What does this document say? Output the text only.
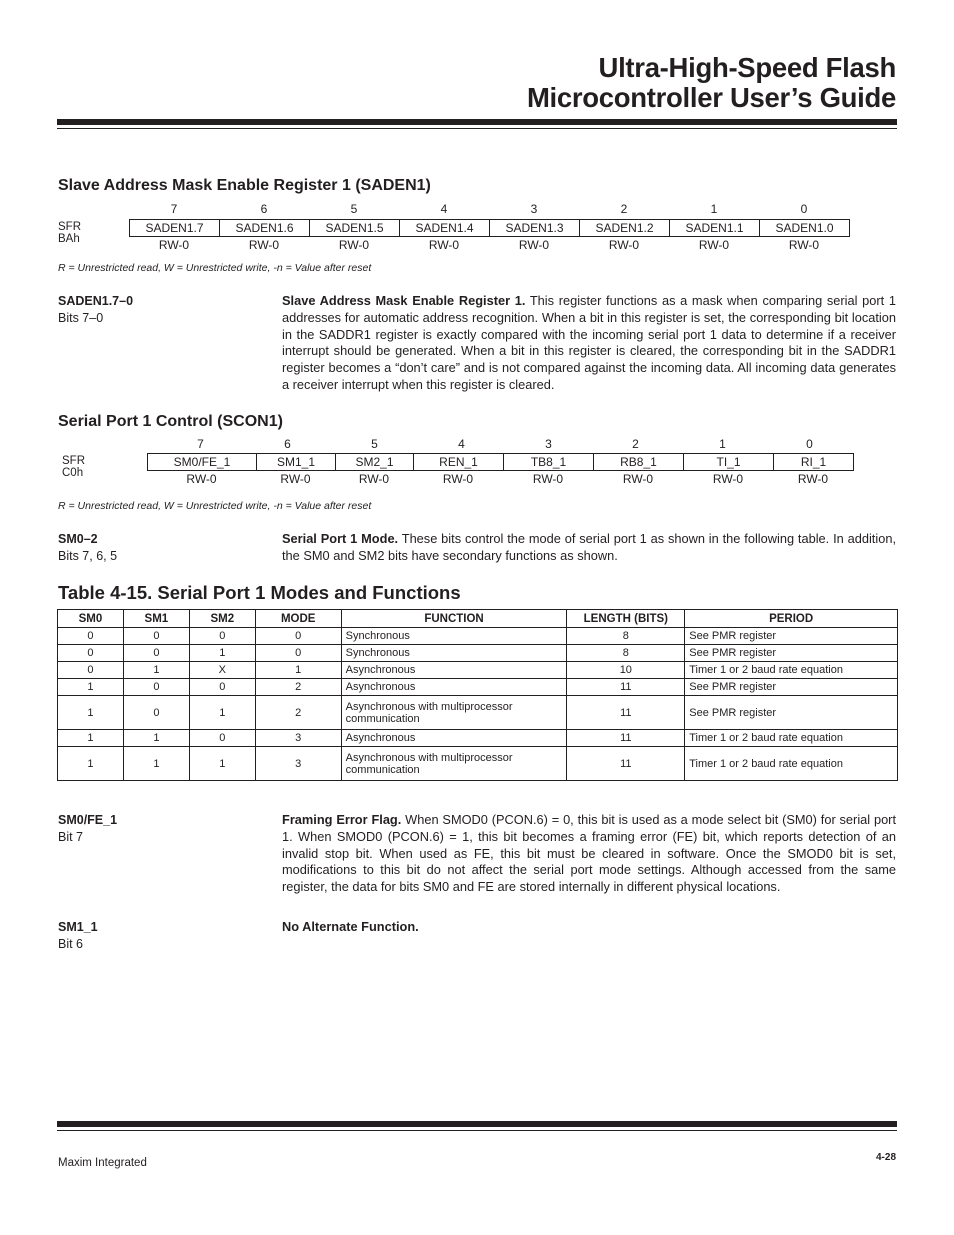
Ultra-High-Speed Flash
Microcontroller User’s Guide
Slave Address Mask Enable Register 1 (SADEN1)
SFR BAh
7	6	5	4	3	2	1	0
SADEN1.7	SADEN1.6	SADEN1.5	SADEN1.4	SADEN1.3	SADEN1.2	SADEN1.1	SADEN1.0
RW-0	RW-0	RW-0	RW-0	RW-0	RW-0	RW-0	RW-0
R = Unrestricted read, W = Unrestricted write, -n = Value after reset
SADEN1.7–0
Bits 7–0
Slave Address Mask Enable Register 1. This register functions as a mask when comparing serial port 1 addresses for automatic address recognition. When a bit in this register is set, the corresponding bit location in the SADDR1 register is exactly compared with the incoming serial port 1 data to determine if a receiver interrupt should be generated. When a bit in this register is cleared, the corresponding bit in the SADDR1 register becomes a “don’t care” and is not compared against the incoming data. All incoming data generates a receiver interrupt when this register is cleared.
Serial Port 1 Control (SCON1)
SFR C0h
7	6	5	4	3	2	1	0
SM0/FE_1	SM1_1	SM2_1	REN_1	TB8_1	RB8_1	TI_1	RI_1
RW-0	RW-0	RW-0	RW-0	RW-0	RW-0	RW-0	RW-0
R = Unrestricted read, W = Unrestricted write, -n = Value after reset
SM0–2
Bits 7, 6, 5
Serial Port 1 Mode. These bits control the mode of serial port 1 as shown in the following table. In addition, the SM0 and SM2 bits have secondary functions as shown.
Table 4-15. Serial Port 1 Modes and Functions
SM0	SM1	SM2	MODE	FUNCTION	LENGTH (BITS)	PERIOD
0	0	0	0	Synchronous	8	See PMR register
0	0	1	0	Synchronous	8	See PMR register
0	1	X	1	Asynchronous	10	Timer 1 or 2 baud rate equation
1	0	0	2	Asynchronous	11	See PMR register
1	0	1	2	Asynchronous with multiprocessor communication	11	See PMR register
1	1	0	3	Asynchronous	11	Timer 1 or 2 baud rate equation
1	1	1	3	Asynchronous with multiprocessor communication	11	Timer 1 or 2 baud rate equation
SM0/FE_1
Bit 7
Framing Error Flag. When SMOD0 (PCON.6) = 0, this bit is used as a mode select bit (SM0) for serial port 1. When SMOD0 (PCON.6) = 1, this bit becomes a framing error (FE) bit, which reports detection of an invalid stop bit. When used as FE, this bit must be cleared in software. Once the SMOD0 bit is set, modifications to this bit do not affect the serial port mode settings. Although accessed from the same register, the data for bits SM0 and FE are stored internally in different physical locations.
SM1_1
Bit 6
No Alternate Function.
Maxim Integrated	4-28
